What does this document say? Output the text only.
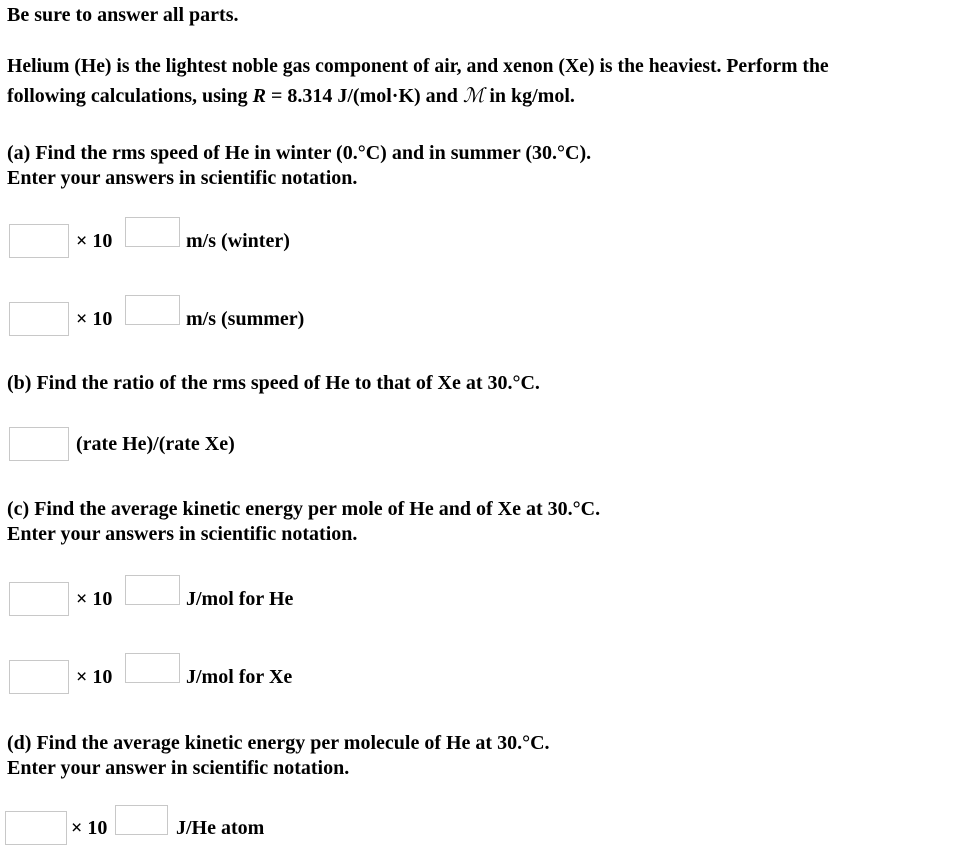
Be sure to answer all parts.

Helium (He) is the lightest noble gas component of air, and xenon (Xe) is the heaviest. Perform the

following calculations, using R = 8.314 J/(mol·K) and ℳ in kg/mol.

(a) Find the rms speed of He in winter (0.°C) and in summer (30.°C).

Enter your answers in scientific notation.

× 10	m/s (winter)

× 10	m/s (summer)

(b) Find the ratio of the rms speed of He to that of Xe at 30.°C.

(rate He)/(rate Xe)

(c) Find the average kinetic energy per mole of He and of Xe at 30.°C.

Enter your answers in scientific notation.

× 10	J/mol for He

× 10	J/mol for Xe

(d) Find the average kinetic energy per molecule of He at 30.°C.

Enter your answer in scientific notation.

× 10	J/He atom
